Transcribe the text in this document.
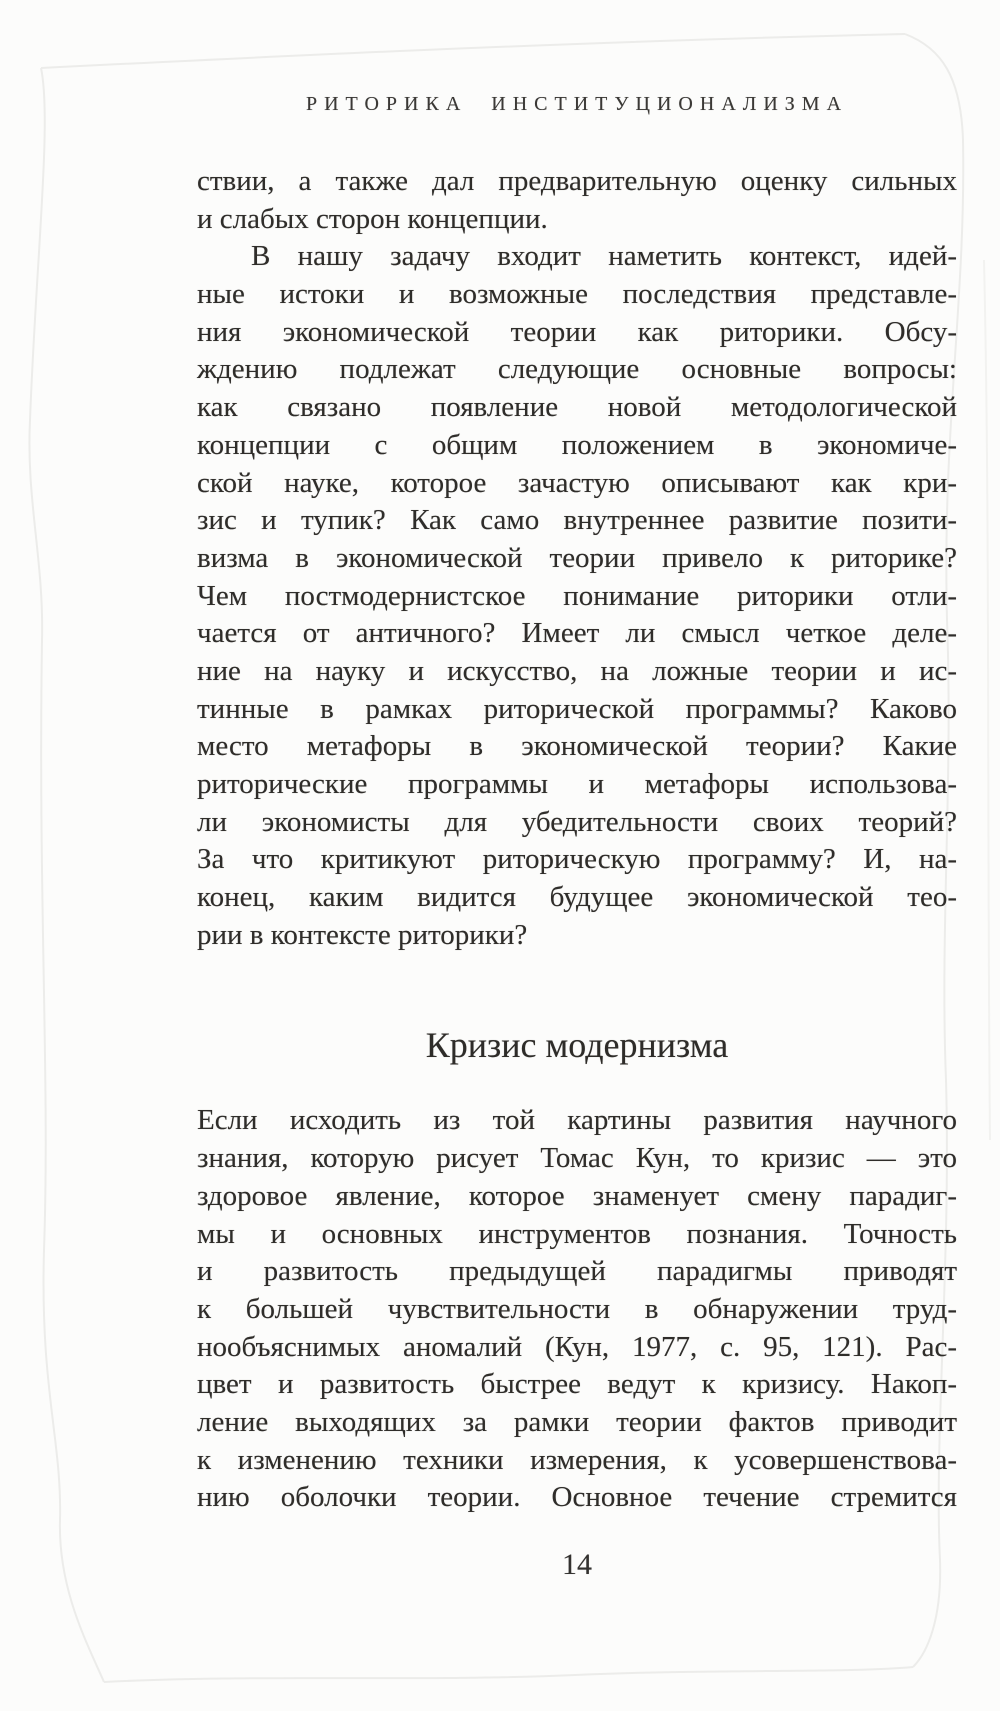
РИТОРИКА ИНСТИТУЦИОНАЛИЗМА
ствии, а также дал предварительную оценку сильных
и слабых сторон концепции.
В нашу задачу входит наметить контекст, идей-
ные истоки и возможные последствия представле-
ния экономической теории как риторики. Обсу-
ждению подлежат следующие основные вопросы:
как связано появление новой методологической
концепции с общим положением в экономиче-
ской науке, которое зачастую описывают как кри-
зис и тупик? Как само внутреннее развитие позити-
визма в экономической теории привело к риторике?
Чем постмодернистское понимание риторики отли-
чается от античного? Имеет ли смысл четкое деле-
ние на науку и искусство, на ложные теории и ис-
тинные в рамках риторической программы? Каково
место метафоры в экономической теории? Какие
риторические программы и метафоры использова-
ли экономисты для убедительности своих теорий?
За что критикуют риторическую программу? И, на-
конец, каким видится будущее экономической тео-
рии в контексте риторики?
Кризис модернизма
Если исходить из той картины развития научного
знания, которую рисует Томас Кун, то кризис — это
здоровое явление, которое знаменует смену парадиг-
мы и основных инструментов познания. Точность
и развитость предыдущей парадигмы приводят
к большей чувствительности в обнаружении труд-
нообъяснимых аномалий (Кун, 1977, с. 95, 121). Рас-
цвет и развитость быстрее ведут к кризису. Накоп-
ление выходящих за рамки теории фактов приводит
к изменению техники измерения, к усовершенствова-
нию оболочки теории. Основное течение стремится
14
